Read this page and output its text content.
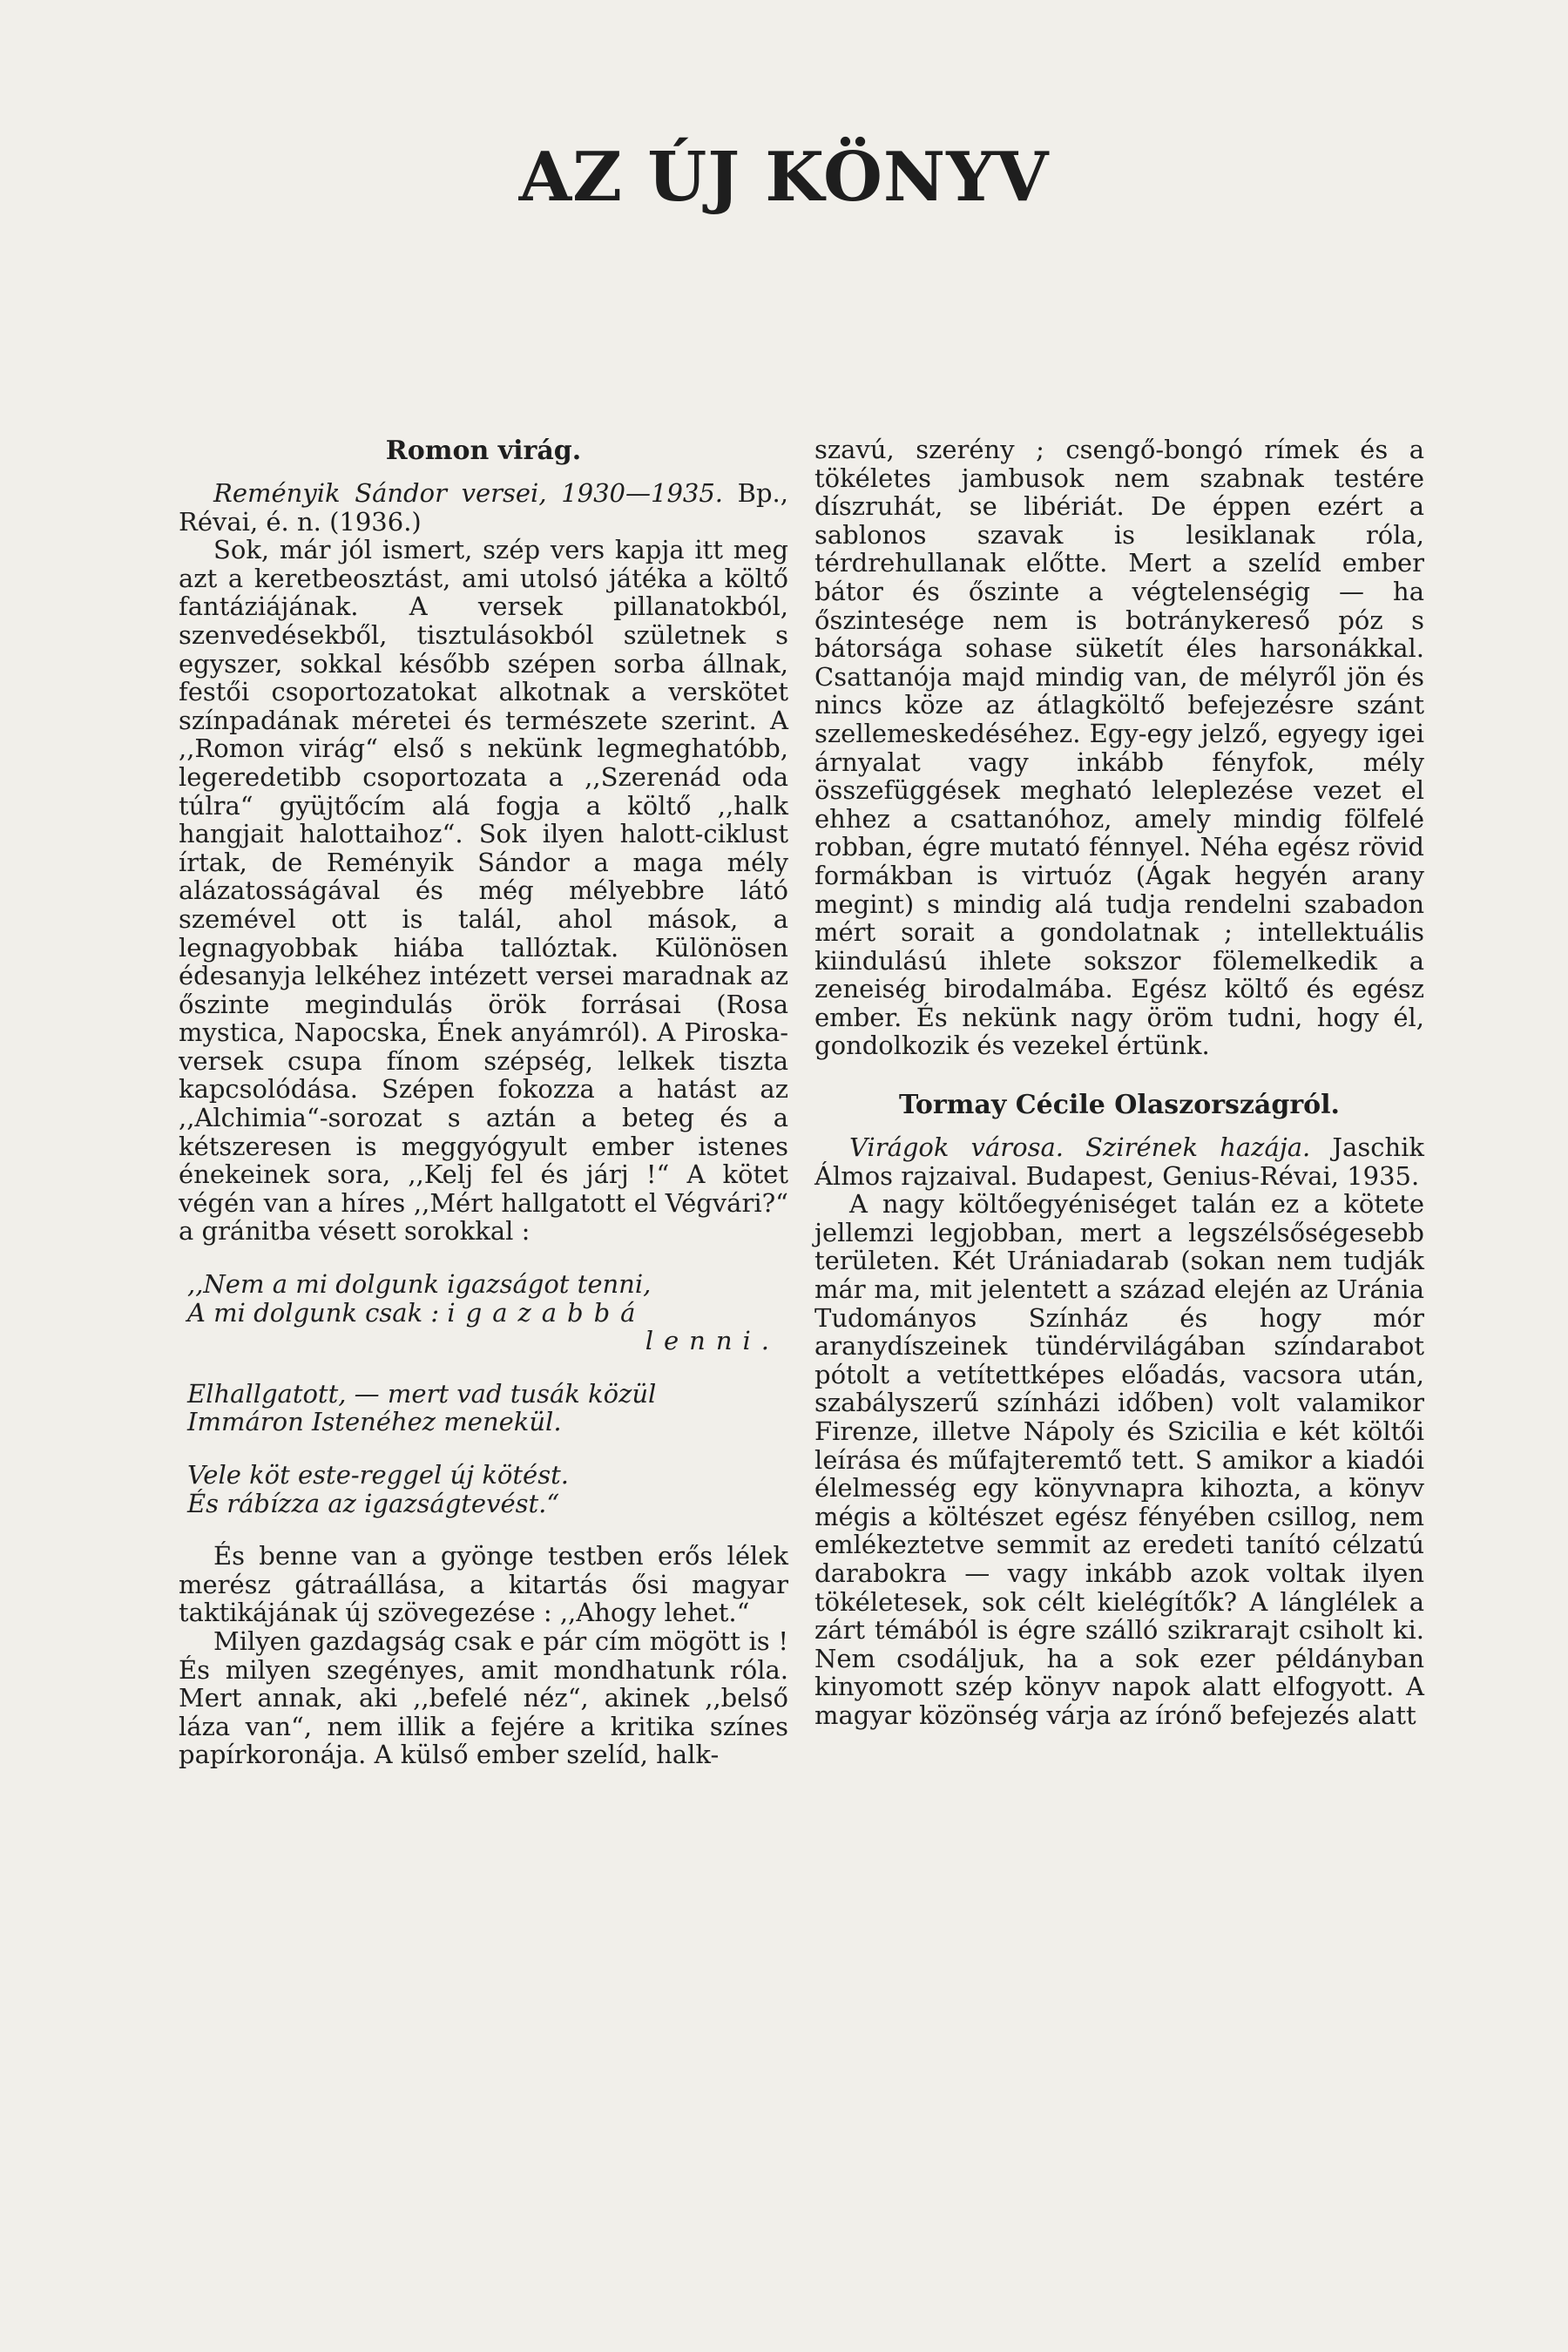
AZ ÚJ KÖNYV
Romon virág.

Reményik Sándor versei, 1930—1935. Bp., Révai, é. n. (1936.)

Sok, már jól ismert, szép vers kapja itt meg azt a keretbeosztást, ami utolsó játéka a költő fantáziájának. A versek pillanatokból, szenvedésekből, tisztulásokból születnek s egyszer, sokkal később szépen sorba állnak, festői csoportozatokat alkotnak a verskötet színpadának méretei és természete szerint. A ,,Romon virág“ első s nekünk legmeghatóbb, legeredetibb csoportozata a ,,Szerenád oda túlra“ gyüjtőcím alá fogja a költő ,,halk hangjait halottaihoz“. Sok ilyen halott-ciklust írtak, de Reményik Sándor a maga mély alázatosságával és még mélyebbre látó szemével ott is talál, ahol mások, a legnagyobbak hiába tallóztak. Különösen édesanyja lelkéhez intézett versei maradnak az őszinte megindulás örök forrásai (Rosa mystica, Napocska, Ének anyámról). A Piroska-versek csupa fínom szépség, lelkek tiszta kapcsolódása. Szépen fokozza a hatást az ,,Alchimia“-sorozat s aztán a beteg és a kétszeresen is meggyógyult ember istenes énekeinek sora, ,,Kelj fel és járj !“ A kötet végén van a híres ,,Mért hallgatott el Végvári?“ a gránitba vésett sorokkal :

,,Nem a mi dolgunk igazságot tenni,
A mi dolgunk csak : igazabbá
lenni.
Elhallgatott, — mert vad tusák közül
Immáron Istenéhez menekül.
Vele köt este-reggel új kötést.
És rábízza az igazságtevést.“

És benne van a gyönge testben erős lélek merész gátraállása, a kitartás ősi magyar taktikájának új szövegezése : ,,Ahogy lehet.“

Milyen gazdagság csak e pár cím mögött is ! És milyen szegényes, amit mondhatunk róla. Mert annak, aki ,,befelé néz“, akinek ,,belső láza van“, nem illik a fejére a kritika színes papírkoronája. A külső ember szelíd, halk-

szavú, szerény ; csengő-bongó rímek és a tökéletes jambusok nem szabnak testére díszruhát, se libériát. De éppen ezért a sablonos szavak is lesiklanak róla, térdrehullanak előtte. Mert a szelíd ember bátor és őszinte a végtelenségig — ha őszintesége nem is botránykereső póz s bátorsága sohase süketít éles harsonákkal. Csattanója majd mindig van, de mélyről jön és nincs köze az átlagköltő befejezésre szánt szellemeskedéséhez. Egy-egy jelző, egyegy igei árnyalat vagy inkább fényfok, mély összefüggések megható leleplezése vezet el ehhez a csattanóhoz, amely mindig fölfelé robban, égre mutató fénnyel. Néha egész rövid formákban is virtuóz (Ágak hegyén arany megint) s mindig alá tudja rendelni szabadon mért sorait a gondolatnak ; intellektuális kiindulású ihlete sokszor fölemelkedik a zeneiség birodalmába. Egész költő és egész ember. És nekünk nagy öröm tudni, hogy él, gondolkozik és vezekel értünk.

Tormay Cécile Olaszországról.

Virágok városa. Szirének hazája. Jaschik Álmos rajzaival. Budapest, Genius-Révai, 1935.

A nagy költőegyéniséget talán ez a kötete jellemzi legjobban, mert a legszélsőségesebb területen. Két Urániadarab (sokan nem tudják már ma, mit jelentett a század elején az Uránia Tudományos Színház és hogy mór aranydíszeinek tündérvilágában színdarabot pótolt a vetítettképes előadás, vacsora után, szabályszerű színházi időben) volt valamikor Firenze, illetve Nápoly és Szicilia e két költői leírása és műfajteremtő tett. S amikor a kiadói élelmesség egy könyvnapra kihozta, a könyv mégis a költészet egész fényében csillog, nem emlékeztetve semmit az eredeti tanító célzatú darabokra — vagy inkább azok voltak ilyen tökéletesek, sok célt kielégítők? A lánglélek a zárt témából is égre szálló szikrarajt csiholt ki. Nem csodáljuk, ha a sok ezer példányban kinyomott szép könyv napok alatt elfogyott. A magyar közönség várja az írónő befejezés alatt
